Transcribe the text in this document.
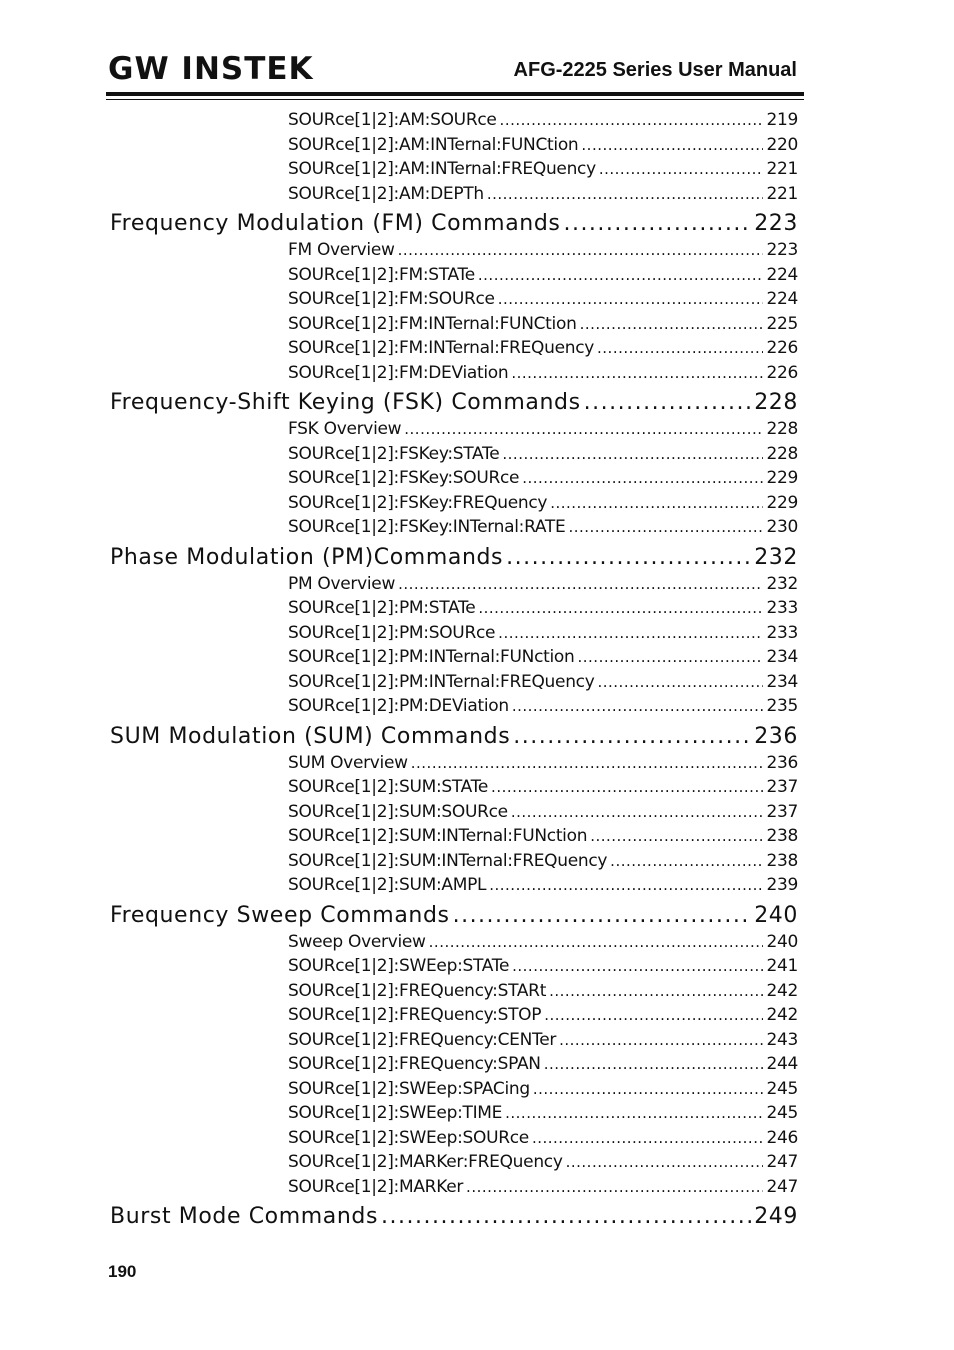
GW INSTEK	AFG-2225 Series User Manual
SOURce[1|2]:AM:SOURce .....	219
SOURce[1|2]:AM:INTernal:FUNCtion .....	220
SOURce[1|2]:AM:INTernal:FREQuency .....	221
SOURce[1|2]:AM:DEPTh .....	221
Frequency Modulation (FM) Commands .....	223
FM Overview .....	223
SOURce[1|2]:FM:STATe .....	224
SOURce[1|2]:FM:SOURce .....	224
SOURce[1|2]:FM:INTernal:FUNCtion .....	225
SOURce[1|2]:FM:INTernal:FREQuency .....	226
SOURce[1|2]:FM:DEViation .....	226
Frequency-Shift Keying (FSK) Commands .....	228
FSK Overview .....	228
SOURce[1|2]:FSKey:STATe .....	228
SOURce[1|2]:FSKey:SOURce .....	229
SOURce[1|2]:FSKey:FREQuency .....	229
SOURce[1|2]:FSKey:INTernal:RATE .....	230
Phase Modulation (PM)Commands .....	232
PM Overview .....	232
SOURce[1|2]:PM:STATe .....	233
SOURce[1|2]:PM:SOURce .....	233
SOURce[1|2]:PM:INTernal:FUNction .....	234
SOURce[1|2]:PM:INTernal:FREQuency .....	234
SOURce[1|2]:PM:DEViation .....	235
SUM Modulation (SUM) Commands .....	236
SUM Overview .....	236
SOURce[1|2]:SUM:STATe .....	237
SOURce[1|2]:SUM:SOURce .....	237
SOURce[1|2]:SUM:INTernal:FUNction .....	238
SOURce[1|2]:SUM:INTernal:FREQuency .....	238
SOURce[1|2]:SUM:AMPL .....	239
Frequency Sweep Commands .....	240
Sweep Overview .....	240
SOURce[1|2]:SWEep:STATe .....	241
SOURce[1|2]:FREQuency:STARt .....	242
SOURce[1|2]:FREQuency:STOP .....	242
SOURce[1|2]:FREQuency:CENTer .....	243
SOURce[1|2]:FREQuency:SPAN .....	244
SOURce[1|2]:SWEep:SPACing .....	245
SOURce[1|2]:SWEep:TIME .....	245
SOURce[1|2]:SWEep:SOURce .....	246
SOURce[1|2]:MARKer:FREQuency .....	247
SOURce[1|2]:MARKer .....	247
Burst Mode Commands .....	249
190
